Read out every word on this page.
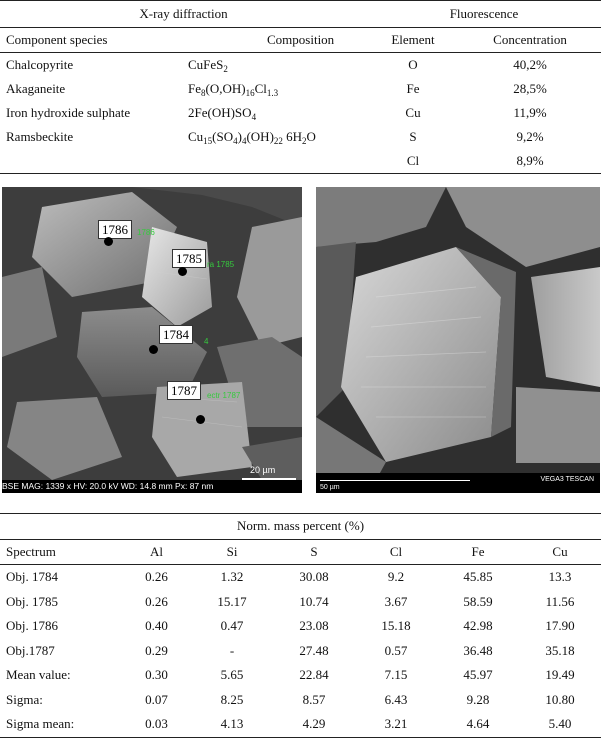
X-ray diffraction		Fluorescence	
Component species	Composition	Element	Concentration
Chalcopyrite	CuFeS$_2$	O	40,2%
Akaganeite	$Fe_8(O,OH)_{16}Cl_{1.3}$	Fe	28,5%
Iron hydroxide sulphate	$2Fe(OH)SO_4$	Cu	11,9%
Ramsbeckite	$Cu_{15}(SO_4)_4(OH)_{22}$ $6H_2O$	S	9,2%
		Cl	8,9%
1786	1786
1785 ra 1785
1784	4
1787	ectr 1787
20 µm
BSE MAG: 1339 x HV: 20.0 kV WD: 14.8 mm Px: 87 nm	50 µm
VEGA3 TESCAN
Norm. mass percent (%)						
Spectrum	Al	Si	S	Cl	Fe	Cu
Obj. 1784	0.26	1.32	30.08	9.2	45.85	13.3
Obj. 1785	0.26	15.17	10.74	3.67	58.59	11.56
Obj. 1786	0.40	0.47	23.08	15.18	42.98	17.90
Obj.1787	0.29	-	27.48	0.57	36.48	35.18
Mean value:	0.30	5.65	22.84	7.15	45.97	19.49
Sigma:	0.07	8.25	8.57	6.43	9.28	10.80
Sigma mean:	0.03	4.13	4.29	3.21	4.64	5.40
